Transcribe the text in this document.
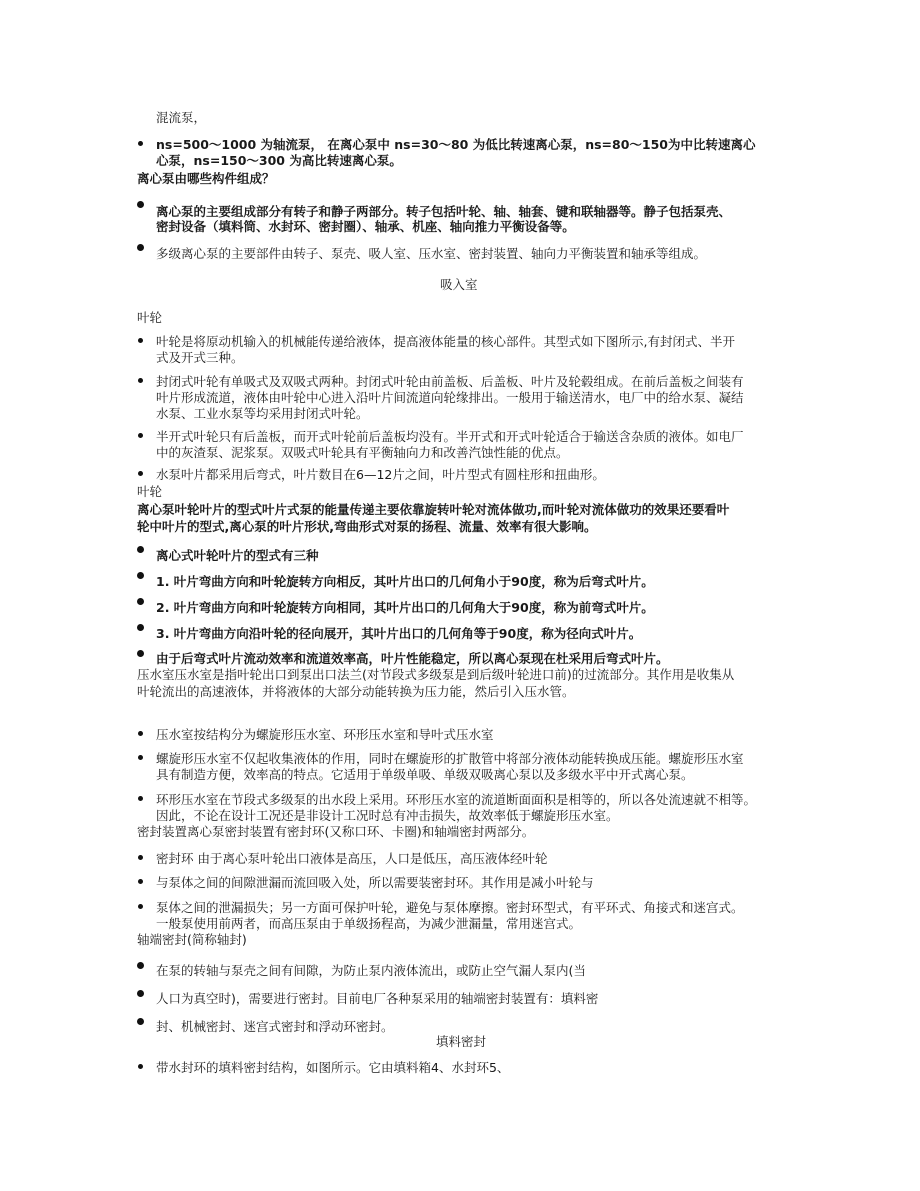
混流泵，
ns=500～1000 为轴流泵， 在离心泵中 ns=30～80 为低比转速离心泵，ns=80～150为中比转速离心
心泵，ns=150～300 为高比转速离心泵。
离心泵由哪些构件组成？
离心泵的主要组成部分有转子和静子两部分。转子包括叶轮、轴、轴套、键和联轴器等。静子包括泵壳、
密封设备（填料筒、水封环、密封圈）、轴承、机座、轴向推力平衡设备等。
多级离心泵的主要部件由转子、泵壳、吸人室、压水室、密封装置、轴向力平衡装置和轴承等组成。
吸入室
叶轮
叶轮是将原动机输入的机械能传递给液体，提高液体能量的核心部件。其型式如下图所示,有封闭式、半开
式及开式三种。
封闭式叶轮有单吸式及双吸式两种。封闭式叶轮由前盖板、后盖板、叶片及轮毂组成。在前后盖板之间装有
叶片形成流道，液体由叶轮中心进入沿叶片间流道向轮缘排出。一般用于输送清水，电厂中的给水泵、凝结
水泵、工业水泵等均采用封闭式叶轮。
半开式叶轮只有后盖板，而开式叶轮前后盖板均没有。半开式和开式叶轮适合于输送含杂质的液体。如电厂
中的灰渣泵、泥浆泵。双吸式叶轮具有平衡轴向力和改善汽蚀性能的优点。
水泵叶片都采用后弯式，叶片数目在6—12片之间，叶片型式有圆柱形和扭曲形。
叶轮
离心泵叶轮叶片的型式叶片式泵的能量传递主要依靠旋转叶轮对流体做功,而叶轮对流体做功的效果还要看叶
轮中叶片的型式,离心泵的叶片形状,弯曲形式对泵的扬程、流量、效率有很大影响。
离心式叶轮叶片的型式有三种
1. 叶片弯曲方向和叶轮旋转方向相反，其叶片出口的几何角小于90度，称为后弯式叶片。
2. 叶片弯曲方向和叶轮旋转方向相同，其叶片出口的几何角大于90度，称为前弯式叶片。
3. 叶片弯曲方向沿叶轮的径向展开，其叶片出口的几何角等于90度，称为径向式叶片。
由于后弯式叶片流动效率和流道效率高，叶片性能稳定，所以离心泵现在杜采用后弯式叶片。
压水室压水室是指叶轮出口到泵出口法兰(对节段式多级泵是到后级叶轮进口前)的过流部分。其作用是收集从
叶轮流出的高速液体，并将液体的大部分动能转换为压力能，然后引入压水管。
压水室按结构分为螺旋形压水室、环形压水室和导叶式压水室
螺旋形压水室不仅起收集液体的作用，同时在螺旋形的扩散管中将部分液体动能转换成压能。螺旋形压水室
具有制造方便，效率高的特点。它适用于单级单吸、单级双吸离心泵以及多级水平中开式离心泵。
环形压水室在节段式多级泵的出水段上采用。环形压水室的流道断面面积是相等的，所以各处流速就不相等。
因此，不论在设计工况还是非设计工况时总有冲击损失，故效率低于螺旋形压水室。
密封装置离心泵密封装置有密封环(又称口环、卡圈)和轴端密封两部分。
密封环 由于离心泵叶轮出口液体是高压，人口是低压，高压液体经叶轮
与泵体之间的间隙泄漏而流回吸入处，所以需要装密封环。其作用是减小叶轮与
泵体之间的泄漏损失；另一方面可保护叶轮，避免与泵体摩擦。密封环型式，有平环式、角接式和迷宫式。
一般泵使用前两者，而高压泵由于单级扬程高，为减少泄漏量，常用迷宫式。
轴端密封(简称轴封)
在泵的转轴与泵壳之间有间隙，为防止泵内液体流出，或防止空气漏人泵内(当
人口为真空时)，需要进行密封。目前电厂各种泵采用的轴端密封装置有：填料密
封、机械密封、迷宫式密封和浮动环密封。
填料密封
带水封环的填料密封结构，如图所示。它由填料箱4、水封环5、
